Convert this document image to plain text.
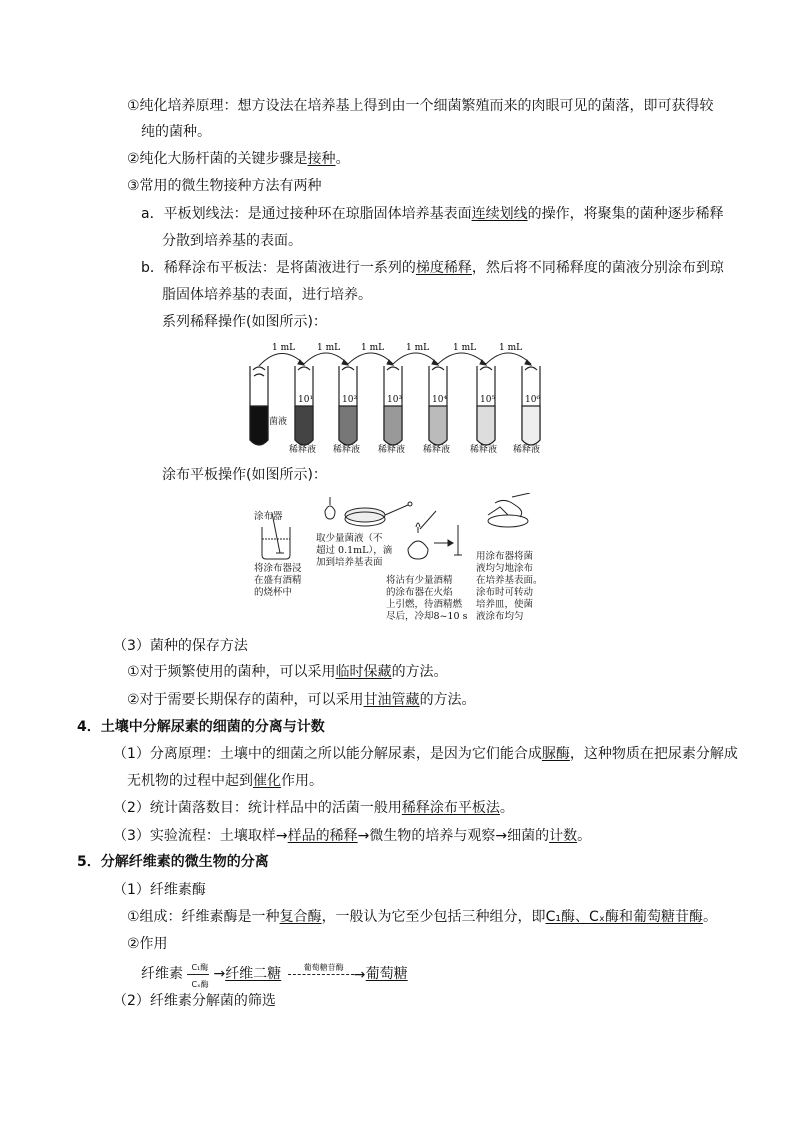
①纯化培养原理：想方设法在培养基上得到由一个细菌繁殖而来的肉眼可见的菌落，即可获得较
纯的菌种。
②纯化大肠杆菌的关键步骤是接种。
③常用的微生物接种方法有两种
a．平板划线法：是通过接种环在琼脂固体培养基表面连续划线的操作，将聚集的菌种逐步稀释
分散到培养基的表面。
b．稀释涂布平板法：是将菌液进行一系列的梯度稀释，然后将不同稀释度的菌液分别涂布到琼
脂固体培养基的表面，进行培养。
系列稀释操作(如图所示)：
1 mL 1 mL 1 mL 1 mL	1 mL	1 mL
菌液
10¹	10²	10³	10⁴	10⁵	10⁶
稀释液 稀释液 稀释液 稀释液 稀释液 稀释液
涂布平板操作(如图所示)：
涂布器
将涂布器浸
在盛有酒精
的烧杯中
取少量菌液（不
超过 0.1mL），滴
加到培养基表面
将沾有少量酒精
的涂布器在火焰
上引燃，待酒精燃
尽后，冷却8~10 s
用涂布器将菌
液均匀地涂布
在培养基表面。
涂布时可转动
培养皿，使菌
液涂布均匀
（3）菌种的保存方法
①对于频繁使用的菌种，可以采用临时保藏的方法。
②对于需要长期保存的菌种，可以采用甘油管藏的方法。
4．土壤中分解尿素的细菌的分离与计数
（1）分离原理：土壤中的细菌之所以能分解尿素，是因为它们能合成脲酶，这种物质在把尿素分解成
无机物的过程中起到催化作用。
（2）统计菌落数目：统计样品中的活菌一般用稀释涂布平板法。
（3）实验流程：土壤取样→样品的稀释→微生物的培养与观察→细菌的计数。
5．分解纤维素的微生物的分离
（1）纤维素酶
①组成：纤维素酶是一种复合酶，一般认为它至少包括三种组分，即C₁酶、Cₓ酶和葡萄糖苷酶。
②作用
纤维素 C₁酶
Cₓ酶
→纤维二糖	葡萄糖苷酶 → 葡萄糖
（2）纤维素分解菌的筛选
